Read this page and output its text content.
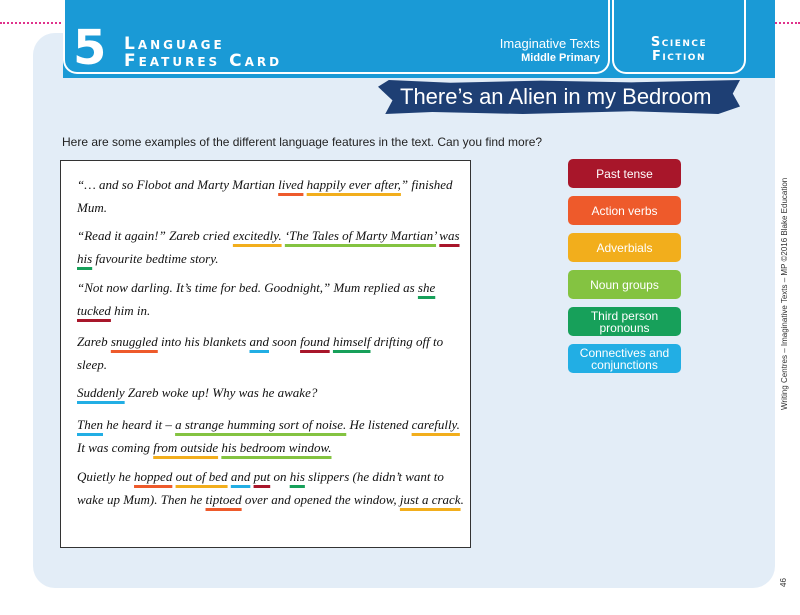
5 Language
Features Card
Imaginative Texts
Middle Primary
Science
Fiction
There’s an Alien in my Bedroom
Here are some examples of the different language features in the text. Can you find more?

“… and so Flobot and Marty Martian lived happily ever after,” finished Mum.

“Read it again!” Zareb cried excitedly. ‘The Tales of Marty Martian’ was his favourite bedtime story.

“Not now darling. It’s time for bed. Goodnight,” Mum replied as she tucked him in.

Zareb snuggled into his blankets and soon found himself drifting off to sleep.

Suddenly Zareb woke up! Why was he awake?

Then he heard it – a strange humming sort of noise. He listened carefully. It was coming from outside his bedroom window.

Quietly he hopped out of bed and put on his slippers (he didn’t want to wake up Mum). Then he tiptoed over and opened the window, just a crack.

Past tense
Action verbs
Adverbials
Noun groups
Third person pronouns
Connectives and conjunctions	Writing Centres – Imaginative Texts – MP ©2016 Blake Education
46
